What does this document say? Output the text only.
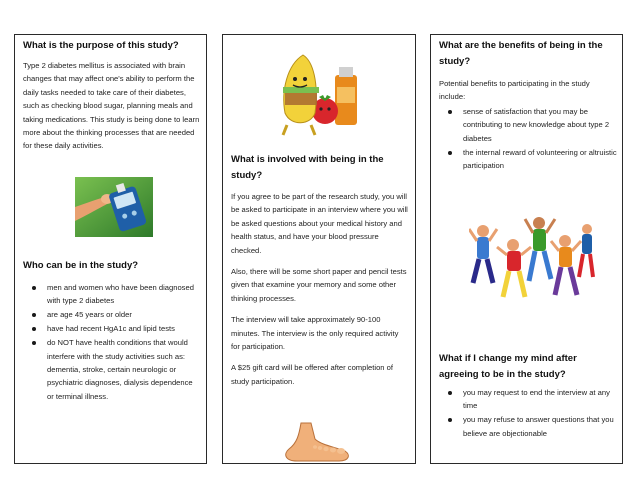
What is the purpose of this study?
Type 2 diabetes mellitus is associated with brain changes that may affect one's ability to perform the daily tasks needed to take care of their diabetes, such as checking blood sugar, planning meals and taking medications. This study is being done to learn more about the thinking processes that are needed for these daily activities.
Who can be in the study?
men and women who have been diagnosed with type 2 diabetes
are age 45 years or older
have had recent HgA1c and lipid tests
do NOT have health conditions that would interfere with the study activities such as: dementia, stroke, certain neurologic or psychiatric diagnoses, dialysis dependence or terminal illness.
What is involved with being in the study?

If you agree to be part of the research study, you will be asked to participate in an interview where you will be asked questions about your medical history and health status, and have your blood pressure checked.

Also, there will be some short paper and pencil tests given that examine your memory and some other thinking processes.

The interview will take approximately 90-100 minutes. The interview is the only required activity for participation.

A $25 gift card will be offered after completion of study participation.

What are the benefits of being in the study?
Potential benefits to participating in the study include:
sense of satisfaction that you may be contributing to new knowledge about type 2 diabetes
the internal reward of volunteering or altruistic participation
What if I change my mind after agreeing to be in the study?
you may request to end the interview at any time
you may refuse to answer questions that you believe are objectionable
